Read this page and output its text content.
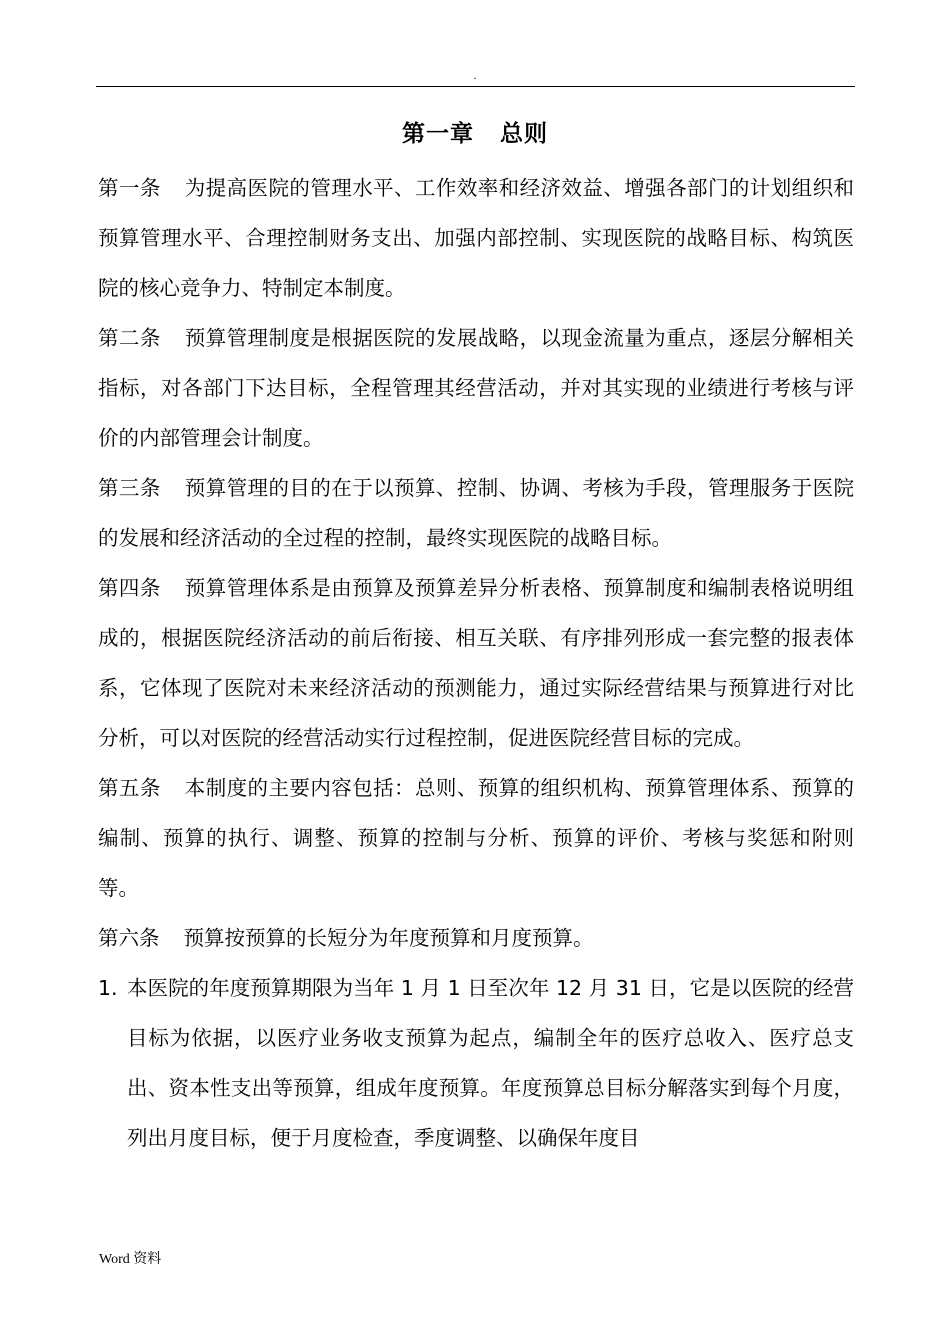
.
第一章 总则

第一条 为提高医院的管理水平、工作效率和经济效益、增强各部门的计划组织和预算管理水平、合理控制财务支出、加强内部控制、实现医院的战略目标、构筑医院的核心竞争力、特制定本制度。

第二条 预算管理制度是根据医院的发展战略，以现金流量为重点，逐层分解相关指标，对各部门下达目标，全程管理其经营活动，并对其实现的业绩进行考核与评价的内部管理会计制度。

第三条 预算管理的目的在于以预算、控制、协调、考核为手段，管理服务于医院的发展和经济活动的全过程的控制，最终实现医院的战略目标。

第四条 预算管理体系是由预算及预算差异分析表格、预算制度和编制表格说明组成的，根据医院经济活动的前后衔接、相互关联、有序排列形成一套完整的报表体系，它体现了医院对未来经济活动的预测能力，通过实际经营结果与预算进行对比分析，可以对医院的经营活动实行过程控制，促进医院经营目标的完成。

第五条 本制度的主要内容包括：总则、预算的组织机构、预算管理体系、预算的编制、预算的执行、调整、预算的控制与分析、预算的评价、考核与奖惩和附则等。

第六条 预算按预算的长短分为年度预算和月度预算。

1. 本医院的年度预算期限为当年 1 月 1 日至次年 12 月 31 日，它是以医院的经营目标为依据，以医疗业务收支预算为起点，编制全年的医疗总收入、医疗总支出、资本性支出等预算，组成年度预算。年度预算总目标分解落实到每个月度，列出月度目标，便于月度检查，季度调整、以确保年度目

Word 资料
